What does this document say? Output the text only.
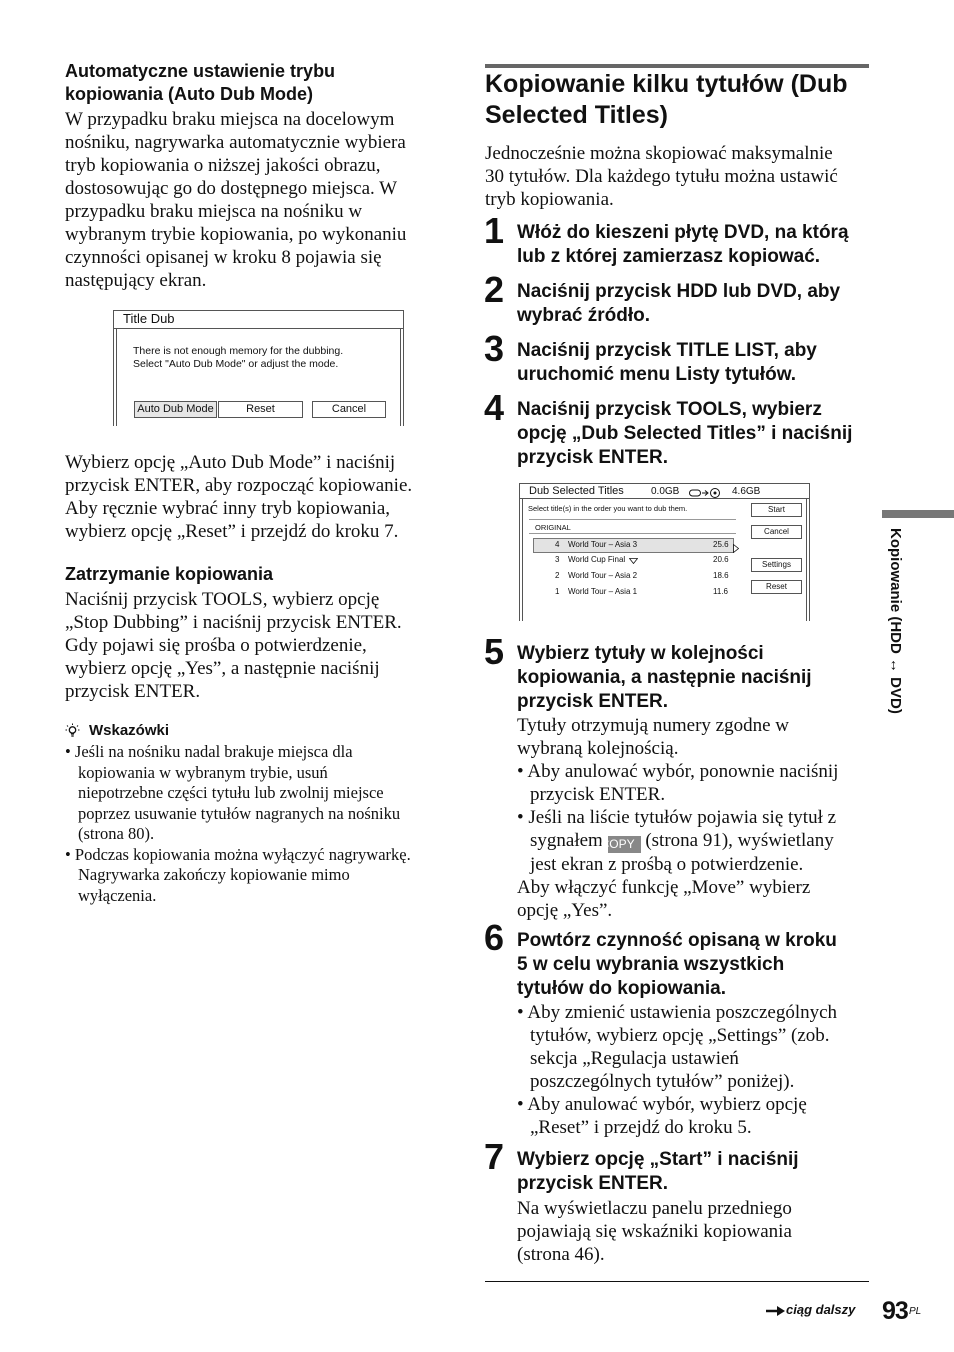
Automatyczne ustawienie trybu
kopiowania (Auto Dub Mode)
W przypadku braku miejsca na docelowym
nośniku, nagrywarka automatycznie wybiera
tryb kopiowania o niższej jakości obrazu,
dostosowując go do dostępnego miejsca. W
przypadku braku miejsca na nośniku w
wybranym trybie kopiowania, po wykonaniu
czynności opisanej w kroku 8 pojawia się
następujący ekran.
Title Dub
There is not enough memory for the dubbing.
Select "Auto Dub Mode" or adjust the mode.
Auto Dub Mode	Reset	Cancel
Wybierz opcję „Auto Dub Mode” i naciśnij
przycisk ENTER, aby rozpocząć kopiowanie.
Aby ręcznie wybrać inny tryb kopiowania,
wybierz opcję „Reset” i przejdź do kroku 7.
Zatrzymanie kopiowania
Naciśnij przycisk TOOLS, wybierz opcję
„Stop Dubbing” i naciśnij przycisk ENTER.
Gdy pojawi się prośba o potwierdzenie,
wybierz opcję „Yes”, a następnie naciśnij
przycisk ENTER.
Wskazówki
• Jeśli na nośniku nadal brakuje miejsca dla
kopiowania w wybranym trybie, usuń
niepotrzebne części tytułu lub zwolnij miejsce
poprzez usuwanie tytułów nagranych na nośniku
(strona 80).
• Podczas kopiowania można wyłączyć nagrywarkę.
Nagrywarka zakończy kopiowanie mimo
wyłączenia.
Kopiowanie kilku tytułów (Dub
Selected Titles)
Jednocześnie można skopiować maksymalnie
30 tytułów. Dla każdego tytułu można ustawić
tryb kopiowania.
1 Włóż do kieszeni płytę DVD, na którą
lub z której zamierzasz kopiować.
2 Naciśnij przycisk HDD lub DVD, aby
wybrać źródło.
3 Naciśnij przycisk TITLE LIST, aby
uruchomić menu Listy tytułów.
4 Naciśnij przycisk TOOLS, wybierz
opcję „Dub Selected Titles” i naciśnij
przycisk ENTER.
Dub Selected Titles	0.0GB	4.6GB
Select title(s) in the order you want to dub them.
ORIGINAL
4 World Tour – Asia 3	25.6
3 World Cup Final	20.6
2 World Tour – Asia 2	18.6
1 World Tour – Asia 1	11.6
Start
Cancel
Settings
Reset
5 Wybierz tytuły w kolejności
kopiowania, a następnie naciśnij
przycisk ENTER.
Tytuły otrzymują numery zgodne w
wybraną kolejnością.
• Aby anulować wybór, ponownie naciśnij
przycisk ENTER.
• Jeśli na liście tytułów pojawia się tytuł z
sygnałem COPY (strona 91), wyświetlany
jest ekran z prośbą o potwierdzenie.
Aby włączyć funkcję „Move” wybierz
opcję „Yes”.
6 Powtórz czynność opisaną w kroku
5 w celu wybrania wszystkich
tytułów do kopiowania.
• Aby zmienić ustawienia poszczególnych
tytułów, wybierz opcję „Settings” (zob.
sekcja „Regulacja ustawień
poszczególnych tytułów” poniżej).
• Aby anulować wybór, wybierz opcję
„Reset” i przejdź do kroku 5.
7 Wybierz opcję „Start” i naciśnij
przycisk ENTER.
Na wyświetlaczu panelu przedniego
pojawiają się wskaźniki kopiowania
(strona 46).
ciąg dalszy 93 PL
Kopiowanie (HDD ↔ DVD)
